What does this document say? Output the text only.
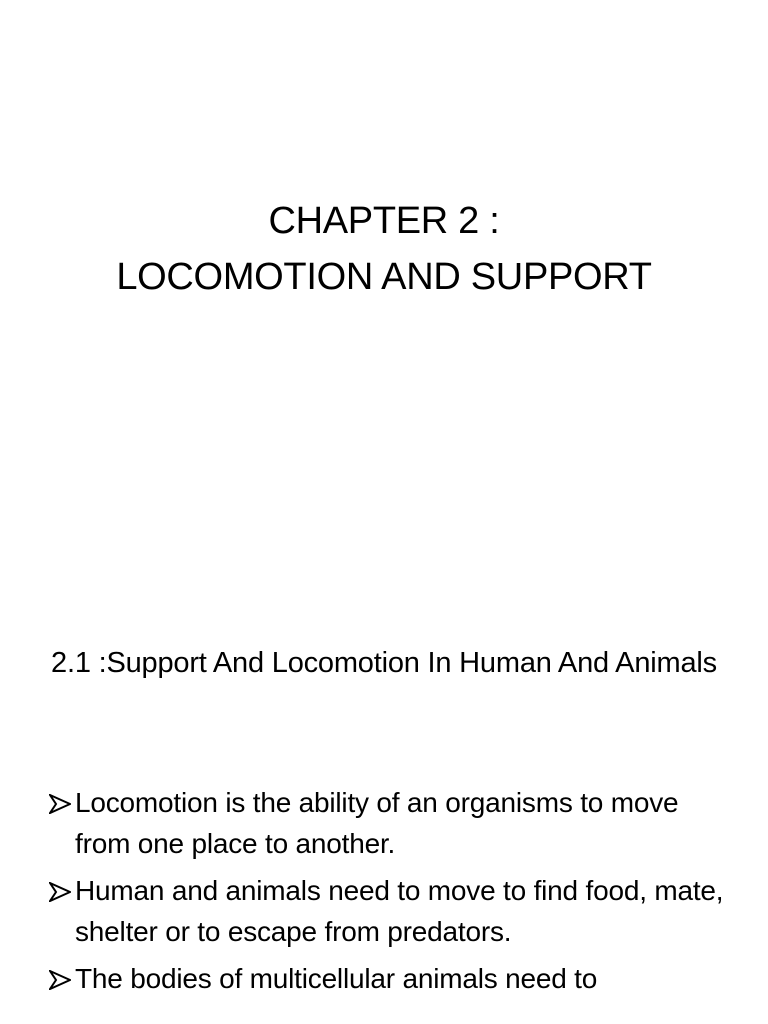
CHAPTER 2 :
LOCOMOTION AND SUPPORT
2.1 :Support And Locomotion In Human And Animals
Locomotion is the ability of an organisms to move from one place to another.
Human and animals need to move to find food, mate, shelter or to escape from predators.
The bodies of multicellular animals need to
